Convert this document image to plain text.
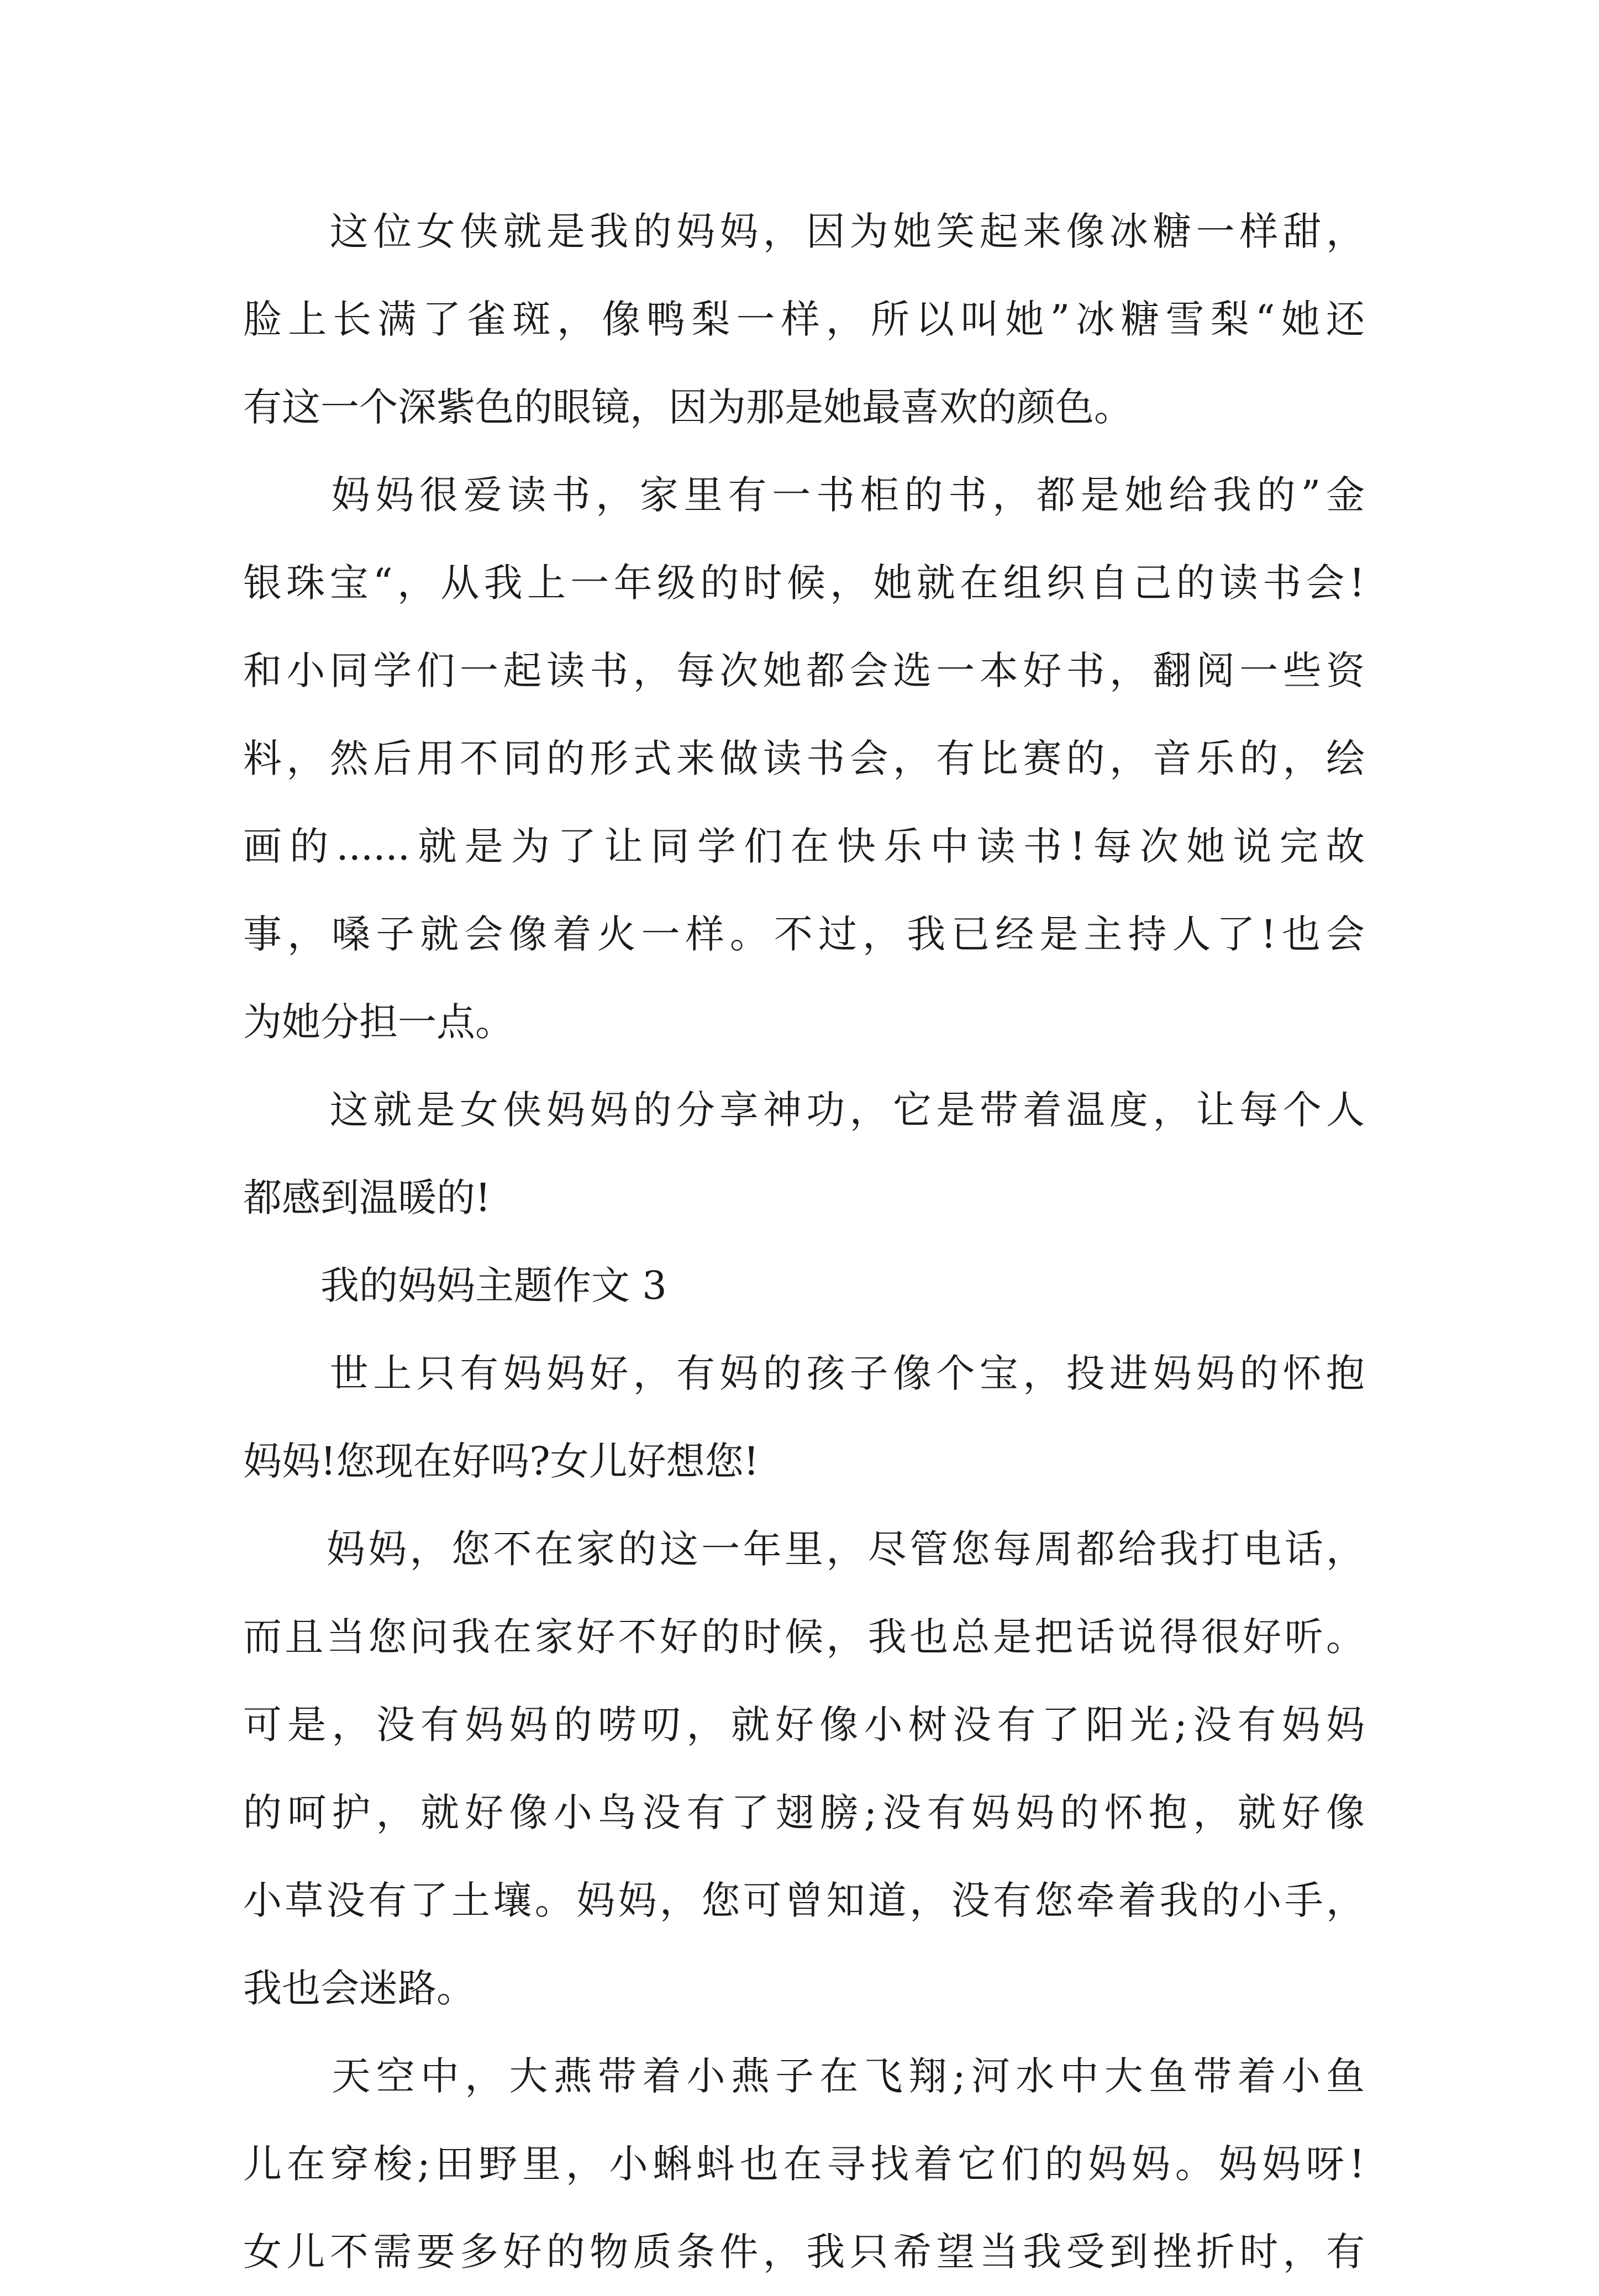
　　这位女侠就是我的妈妈，因为她笑起来像冰糖一样甜，
脸上长满了雀斑，像鸭梨一样，所以叫她”冰糖雪梨“她还
有这一个深紫色的眼镜，因为那是她最喜欢的颜色。
　　妈妈很爱读书，家里有一书柜的书，都是她给我的”金
银珠宝“，从我上一年级的时候，她就在组织自己的读书会!
和小同学们一起读书，每次她都会选一本好书，翻阅一些资
料，然后用不同的形式来做读书会，有比赛的，音乐的，绘
画的......就是为了让同学们在快乐中读书!每次她说完故
事，嗓子就会像着火一样。不过，我已经是主持人了!也会
为她分担一点。
　　这就是女侠妈妈的分享神功，它是带着温度，让每个人
都感到温暖的!
　　我的妈妈主题作文 3
　　世上只有妈妈好，有妈的孩子像个宝，投进妈妈的怀抱
妈妈!您现在好吗?女儿好想您!
　　妈妈，您不在家的这一年里，尽管您每周都给我打电话，
而且当您问我在家好不好的时候，我也总是把话说得很好听。
可是，没有妈妈的唠叨，就好像小树没有了阳光;没有妈妈
的呵护，就好像小鸟没有了翅膀;没有妈妈的怀抱，就好像
小草没有了土壤。妈妈，您可曾知道，没有您牵着我的小手，
我也会迷路。
　　天空中，大燕带着小燕子在飞翔;河水中大鱼带着小鱼
儿在穿梭;田野里，小蝌蚪也在寻找着它们的妈妈。妈妈呀!
女儿不需要多好的物质条件，我只希望当我受到挫折时，有
